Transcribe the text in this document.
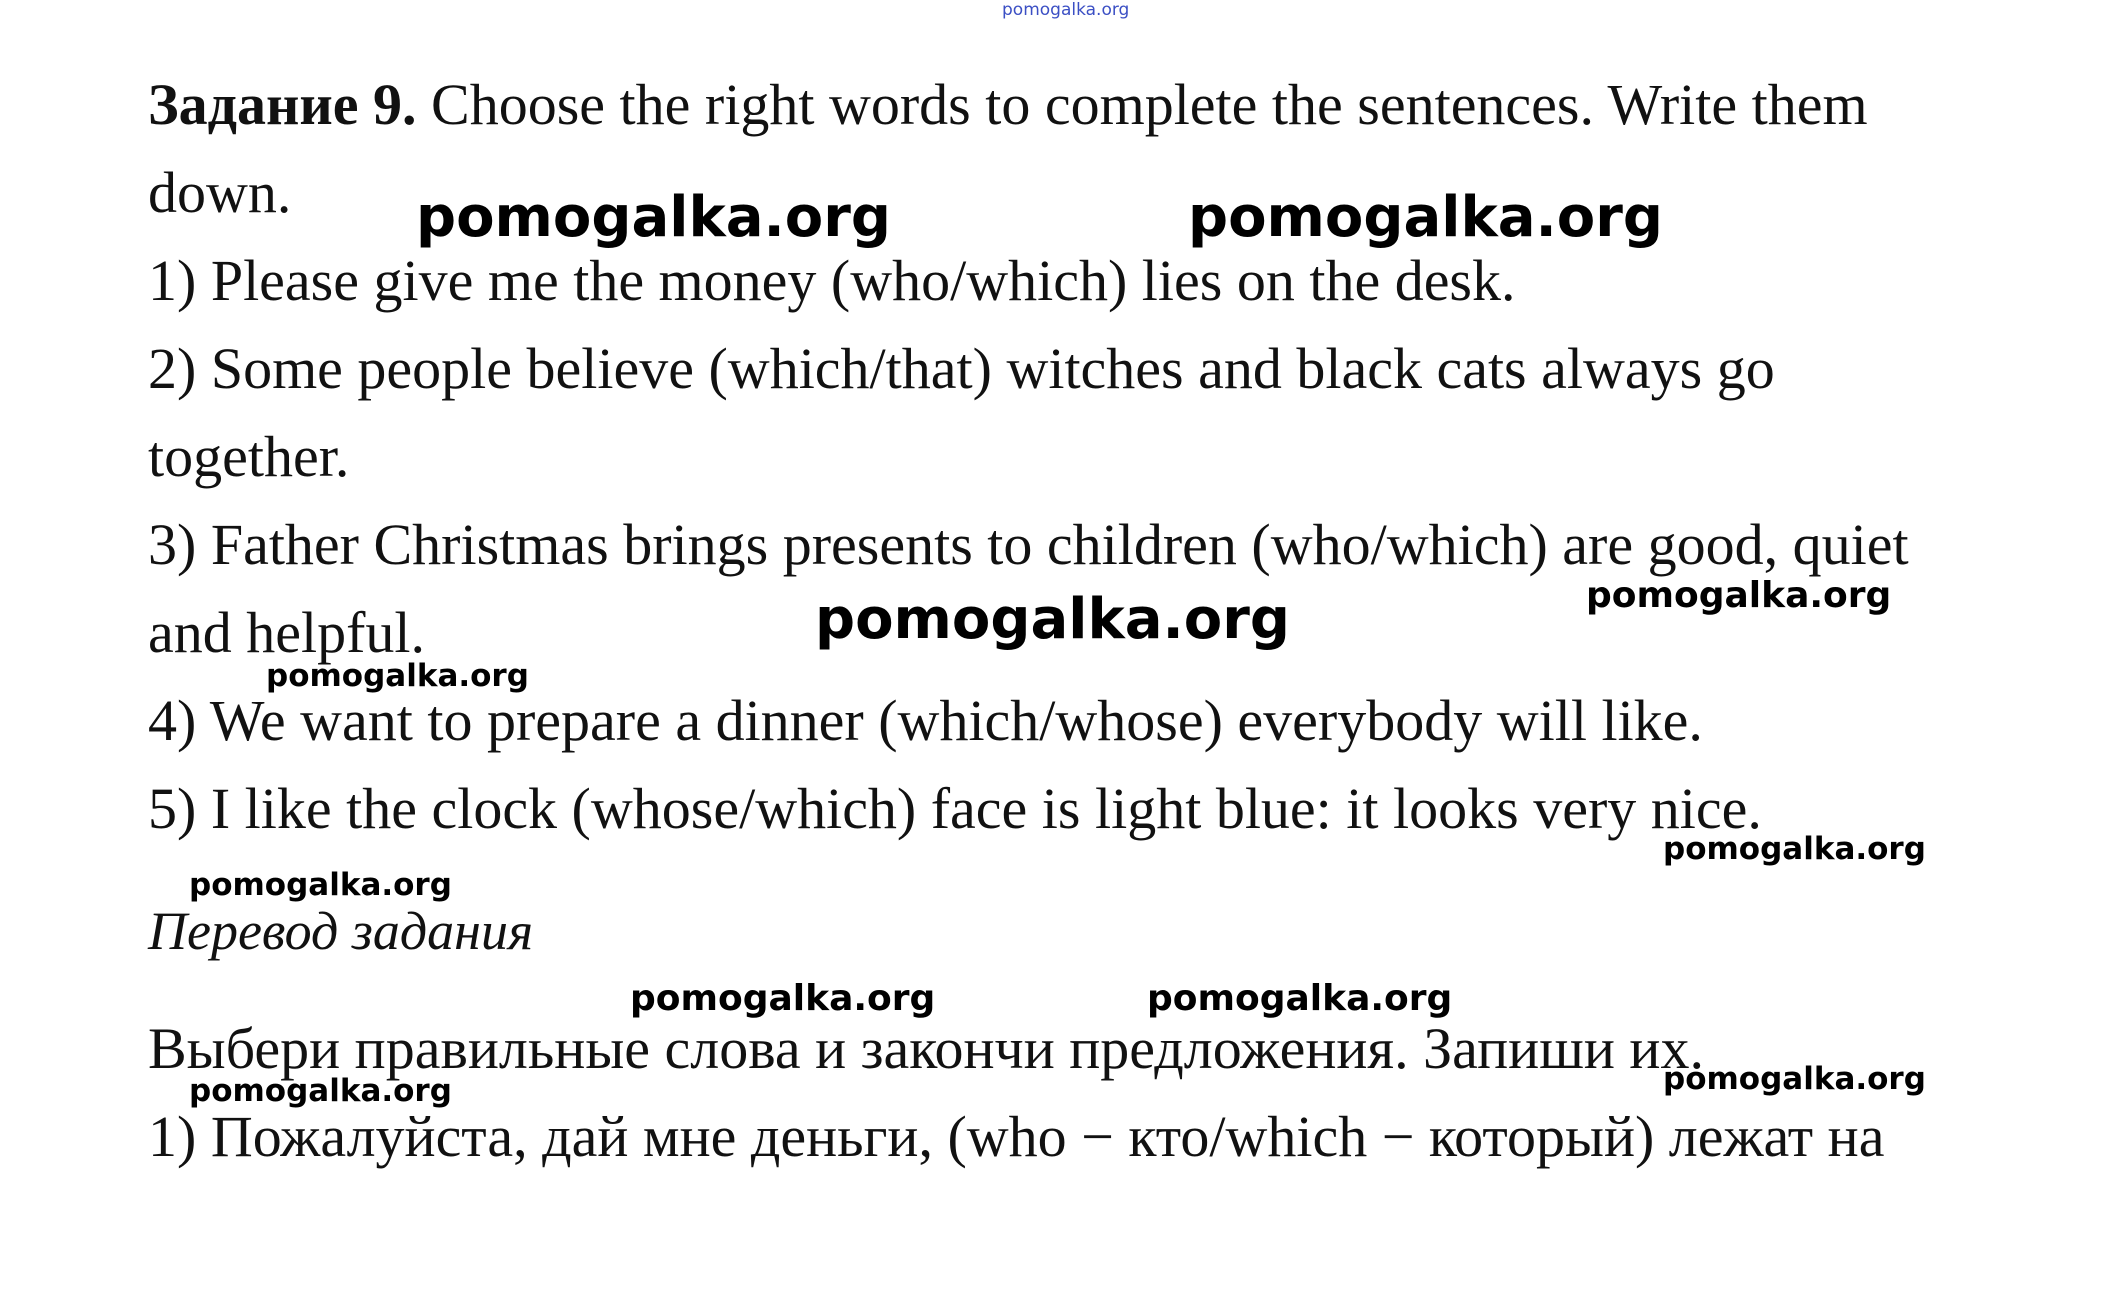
pomogalka.org
Задание 9. Choose the right words to complete the sentences. Write them
down.
1) Please give me the money (who/which) lies on the desk.
2) Some people believe (which/that) witches and black cats always go
together.
3) Father Christmas brings presents to children (who/which) are good, quiet
and helpful.
4) We want to prepare a dinner (which/whose) everybody will like.
5) I like the clock (whose/which) face is light blue: it looks very nice.
Перевод задания
Выбери правильные слова и закончи предложения. Запиши их.
1) Пожалуйста, дай мне деньги, (who − кто/which − который) лежат на
pomogalka.org	pomogalka.org
pomogalka.org	pomogalka.org
pomogalka.org
pomogalka.org
pomogalka.org
pomogalka.org	pomogalka.org
pomogalka.org
pomogalka.org
